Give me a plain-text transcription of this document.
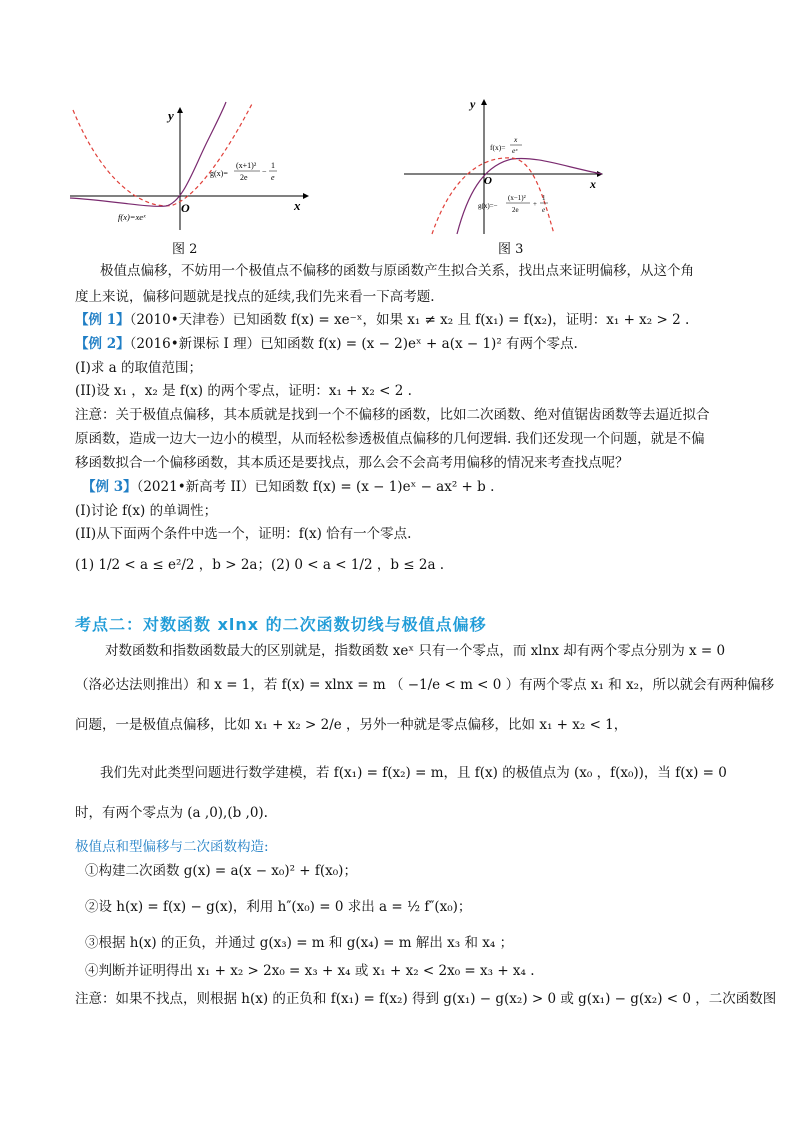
y
x
O
g(x)=
(x+1)²
2e
−
1
e
f(x)=xeˣ
图 2
y
x
O
f(x)=
x
eˣ
g(x)=−
(x−1)²
2e
+
1
e
图 3
极值点偏移，不妨用一个极值点不偏移的函数与原函数产生拟合关系，找出点来证明偏移，从这个角
度上来说，偏移问题就是找点的延续,我们先来看一下高考题.
【例 1】（2010•天津卷）已知函数 f(x) = xe⁻ˣ，如果 x₁ ≠ x₂ 且 f(x₁) = f(x₂)，证明：x₁ + x₂ > 2 .
【例 2】（2016•新课标 I 理）已知函数 f(x) = (x − 2)eˣ + a(x − 1)² 有两个零点.
(I)求 a 的取值范围；
(II)设 x₁ ，x₂ 是 f(x) 的两个零点，证明：x₁ + x₂ < 2 .
注意：关于极值点偏移，其本质就是找到一个不偏移的函数，比如二次函数、绝对值锯齿函数等去逼近拟合
原函数，造成一边大一边小的模型，从而轻松参透极值点偏移的几何逻辑. 我们还发现一个问题，就是不偏
移函数拟合一个偏移函数，其本质还是要找点，那么会不会高考用偏移的情况来考查找点呢？
【例 3】（2021•新高考 II）已知函数 f(x) = (x − 1)eˣ − ax² + b .
(I)讨论 f(x) 的单调性；
(II)从下面两个条件中选一个，证明：f(x) 恰有一个零点.
(1) 1/2 < a ≤ e²/2 ，b > 2a；(2) 0 < a < 1/2 ，b ≤ 2a .
考点二：对数函数 xlnx 的二次函数切线与极值点偏移
对数函数和指数函数最大的区别就是，指数函数 xeˣ 只有一个零点，而 xlnx 却有两个零点分别为 x = 0
（洛必达法则推出）和 x = 1，若 f(x) = xlnx = m （ −1/e < m < 0 ）有两个零点 x₁ 和 x₂，所以就会有两种偏移
问题，一是极值点偏移，比如 x₁ + x₂ > 2/e ，另外一种就是零点偏移，比如 x₁ + x₂ < 1，
我们先对此类型问题进行数学建模，若 f(x₁) = f(x₂) = m，且 f(x) 的极值点为 (x₀ ，f(x₀))，当 f(x) = 0
时，有两个零点为 (a ,0),(b ,0).
极值点和型偏移与二次函数构造:
①构建二次函数 g(x) = a(x − x₀)² + f(x₀)；
②设 h(x) = f(x) − g(x)，利用 h″(x₀) = 0 求出 a = ½ f″(x₀)；
③根据 h(x) 的正负，并通过 g(x₃) = m 和 g(x₄) = m 解出 x₃ 和 x₄ ；
④判断并证明得出 x₁ + x₂ > 2x₀ = x₃ + x₄ 或 x₁ + x₂ < 2x₀ = x₃ + x₄ .
注意：如果不找点，则根据 h(x) 的正负和 f(x₁) = f(x₂) 得到 g(x₁) − g(x₂) > 0 或 g(x₁) − g(x₂) < 0 ，二次函数图
